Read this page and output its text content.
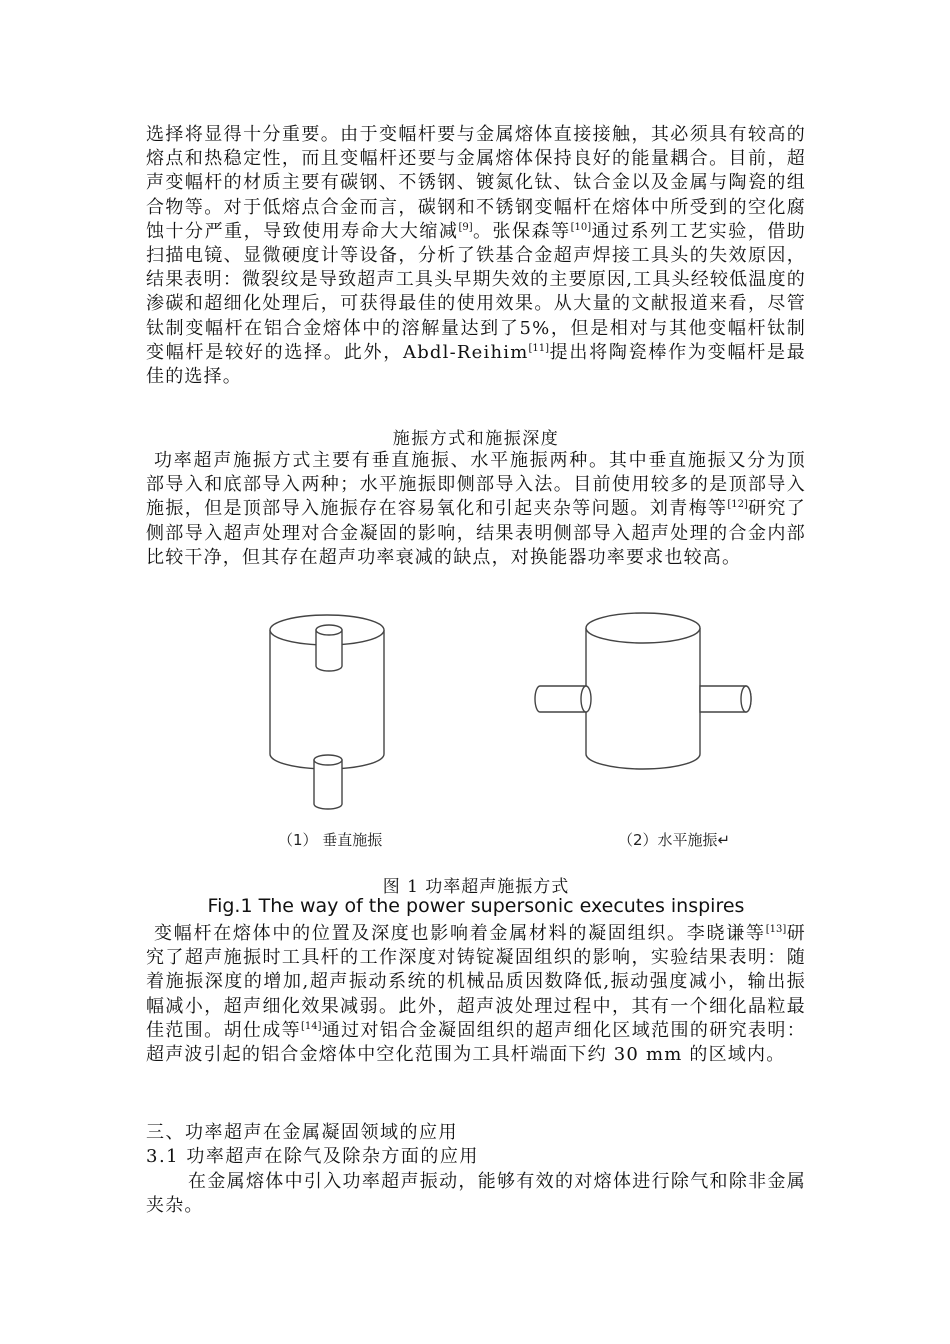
选择将显得十分重要。由于变幅杆要与金属熔体直接接触，其必须具有较高的熔点和热稳定性，而且变幅杆还要与金属熔体保持良好的能量耦合。目前，超声变幅杆的材质主要有碳钢、不锈钢、镀氮化钛、钛合金以及金属与陶瓷的组合物等。对于低熔点合金而言，碳钢和不锈钢变幅杆在熔体中所受到的空化腐蚀十分严重，导致使用寿命大大缩减[9]。张保森等[10]通过系列工艺实验，借助扫描电镜、显微硬度计等设备，分析了铁基合金超声焊接工具头的失效原因，结果表明：微裂纹是导致超声工具头早期失效的主要原因,工具头经较低温度的渗碳和超细化处理后，可获得最佳的使用效果。从大量的文献报道来看，尽管钛制变幅杆在铝合金熔体中的溶解量达到了5%，但是相对与其他变幅杆钛制变幅杆是较好的选择。此外，Abdl-Reihim[11]提出将陶瓷棒作为变幅杆是最佳的选择。

施振方式和施振深度

功率超声施振方式主要有垂直施振、水平施振两种。其中垂直施振又分为顶部导入和底部导入两种；水平施振即侧部导入法。目前使用较多的是顶部导入施振，但是顶部导入施振存在容易氧化和引起夹杂等问题。刘青梅等[12]研究了侧部导入超声处理对合金凝固的影响，结果表明侧部导入超声处理的合金内部比较干净，但其存在超声功率衰减的缺点，对换能器功率要求也较高。

（1） 垂直施振	（2）水平施振↵

图 1 功率超声施振方式

Fig.1 The way of the power supersonic executes inspires

变幅杆在熔体中的位置及深度也影响着金属材料的凝固组织。李晓谦等[13]研究了超声施振时工具杆的工作深度对铸锭凝固组织的影响，实验结果表明：随着施振深度的增加,超声振动系统的机械品质因数降低,振动强度减小，输出振幅减小，超声细化效果减弱。此外，超声波处理过程中，其有一个细化晶粒最佳范围。胡仕成等[14]通过对铝合金凝固组织的超声细化区域范围的研究表明：超声波引起的铝合金熔体中空化范围为工具杆端面下约 30 mm 的区域内。

三、功率超声在金属凝固领域的应用

3.1 功率超声在除气及除杂方面的应用

在金属熔体中引入功率超声振动，能够有效的对熔体进行除气和除非金属夹杂。
